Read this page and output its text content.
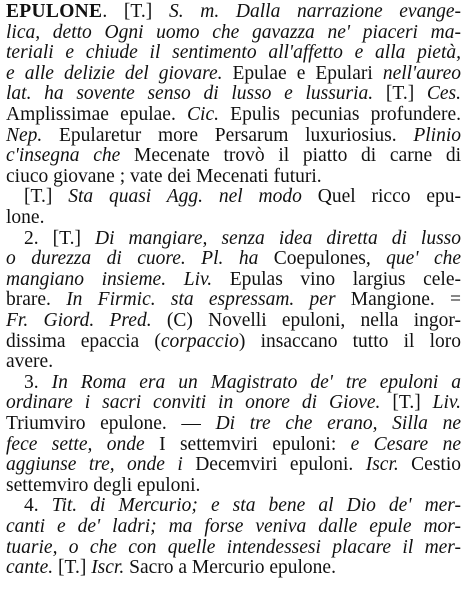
EPULONE. [T.] S. m. Dalla narrazione evange-
lica, detto Ogni uomo che gavazza ne' piaceri ma-
teriali e chiude il sentimento all'affetto e alla pietà,
e alle delizie del giovare. Epulae e Epulari nell'aureo
lat. ha sovente senso di lusso e lussuria. [T.] Ces.
Amplissimae epulae. Cic. Epulis pecunias profundere.
Nep. Epularetur more Persarum luxuriosius. Plinio
c'insegna che Mecenate trovò il piatto di carne di
ciuco giovane ; vate dei Mecenati futuri.
[T.] Sta quasi Agg. nel modo Quel ricco epu-
lone.
2. [T.] Di mangiare, senza idea diretta di lusso
o durezza di cuore. Pl. ha Coepulones, que' che
mangiano insieme. Liv. Epulas vino largius cele-
brare. In Firmic. sta espressam. per Mangione. =
Fr. Giord. Pred. (C) Novelli epuloni, nella ingor-
dissima epaccia (corpaccio) insaccano tutto il loro
avere.
3. In Roma era un Magistrato de' tre epuloni a
ordinare i sacri conviti in onore di Giove. [T.] Liv.
Triumviro epulone. — Di tre che erano, Silla ne
fece sette, onde I settemviri epuloni: e Cesare ne
aggiunse tre, onde i Decemviri epuloni. Iscr. Cestio
settemviro degli epuloni.
4. Tit. di Mercurio; e sta bene al Dio de' mer-
canti e de' ladri; ma forse veniva dalle epule mor-
tuarie, o che con quelle intendessesi placare il mer-
cante. [T.] Iscr. Sacro a Mercurio epulone.
